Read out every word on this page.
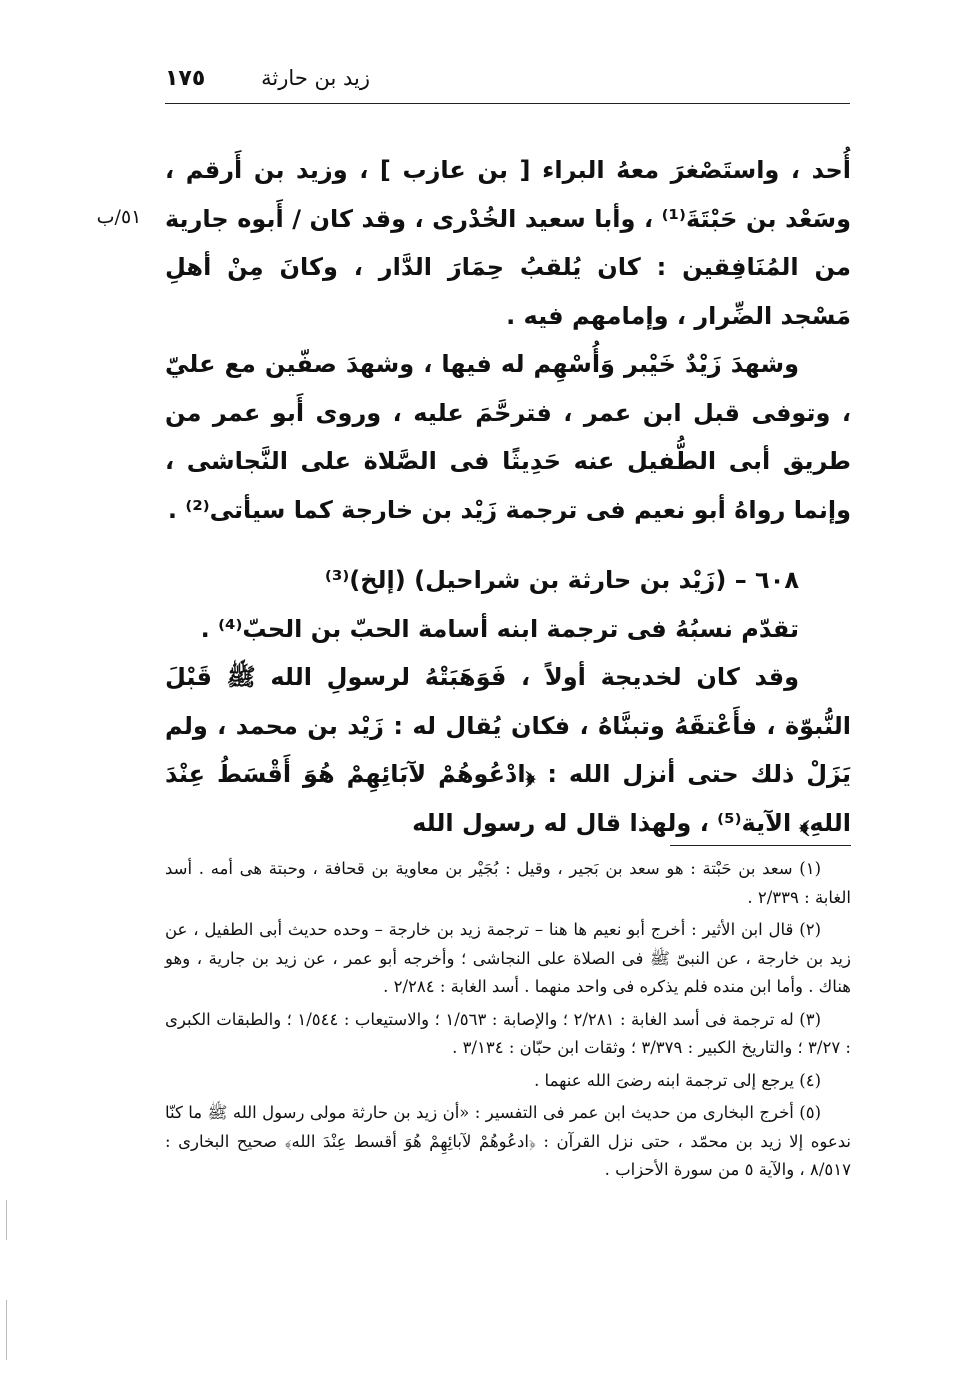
زيد بن حارثة
١٧٥
٥١/ب

أُحد ، واستَصْغرَ معهُ البراء [ بن عازب ] ، وزيد بن أَرقم ، وسَعْد بن حَبْتَةَ⁽¹⁾ ، وأبا سعيد الخُدْرى ، وقد كان / أَبوه جارية من المُنَافِقين : كان يُلقبُ حِمَارَ الدَّار ، وكانَ مِنْ أهلِ مَسْجد الضِّرار ، وإمامهم فيه .

وشهدَ زَيْدٌ خَيْبر وَأُسْهِم له فيها ، وشهدَ صفّين مع عليّ ، وتوفى قبل ابن عمر ، فترحَّمَ عليه ، وروى أَبو عمر من طريق أبى الطُّفيل عنه حَدِيثًا فى الصَّلاة على النَّجاشى ، وإنما رواهُ أبو نعيم فى ترجمة زَيْد بن خارجة كما سيأتى⁽²⁾ .

٦٠٨ – (زَيْد بن حارثة بن شراحيل) (إلخ)⁽³⁾

تقدّم نسبُهُ فى ترجمة ابنه أسامة الحبّ بن الحبّ⁽⁴⁾ .

وقد كان لخديجة أولاً ، فَوَهَبَتْهُ لرسولِ الله ﷺ قَبْلَ النُّبوّة ، فأَعْتقَهُ وتبنَّاهُ ، فكان يُقال له : زَيْد بن محمد ، ولم يَزَلْ ذلك حتى أنزل الله : ﴿ادْعُوهُمْ لآبَائِهِمْ هُوَ أَقْسَطُ عِنْدَ اللهِ﴾ الآية⁽⁵⁾ ، ولهذا قال له رسول الله

(١) سعد بن حَبْتة : هو سعد بن بَجير ، وقيل : بُجَيْر بن معاوية بن قحافة ، وحبتة هى أمه . أسد الغابة : ٢/٣٣٩ .

(٢) قال ابن الأثير : أخرج أبو نعيم ها هنا – ترجمة زيد بن خارجة – وحده حديث أبى الطفيل ، عن زيد بن خارجة ، عن النبىّ ﷺ فى الصلاة على النجاشى ؛ وأخرجه أبو عمر ، عن زيد بن جارية ، وهو هناك . وأما ابن منده فلم يذكره فى واحد منهما . أسد الغابة : ٢/٢٨٤ .

(٣) له ترجمة فى أسد الغابة : ٢/٢٨١ ؛ والإصابة : ١/٥٦٣ ؛ والاستيعاب : ١/٥٤٤ ؛ والطبقات الكبرى : ٣/٢٧ ؛ والتاريخ الكبير : ٣/٣٧٩ ؛ وثقات ابن حبّان : ٣/١٣٤ .

(٤) يرجع إلى ترجمة ابنه رضىَ الله عنهما .

(٥) أخرج البخارى من حديث ابن عمر فى التفسير : «أن زيد بن حارثة مولى رسول الله ﷺ ما كنّا ندعوه إلا زيد بن محمّد ، حتى نزل القرآن : ﴿ادعُوهُمْ لآبائِهِمْ هُوَ أقسط عِنْدَ الله﴾ صحيح البخارى : ٨/٥١٧ ، والآية ٥ من سورة الأحزاب .
